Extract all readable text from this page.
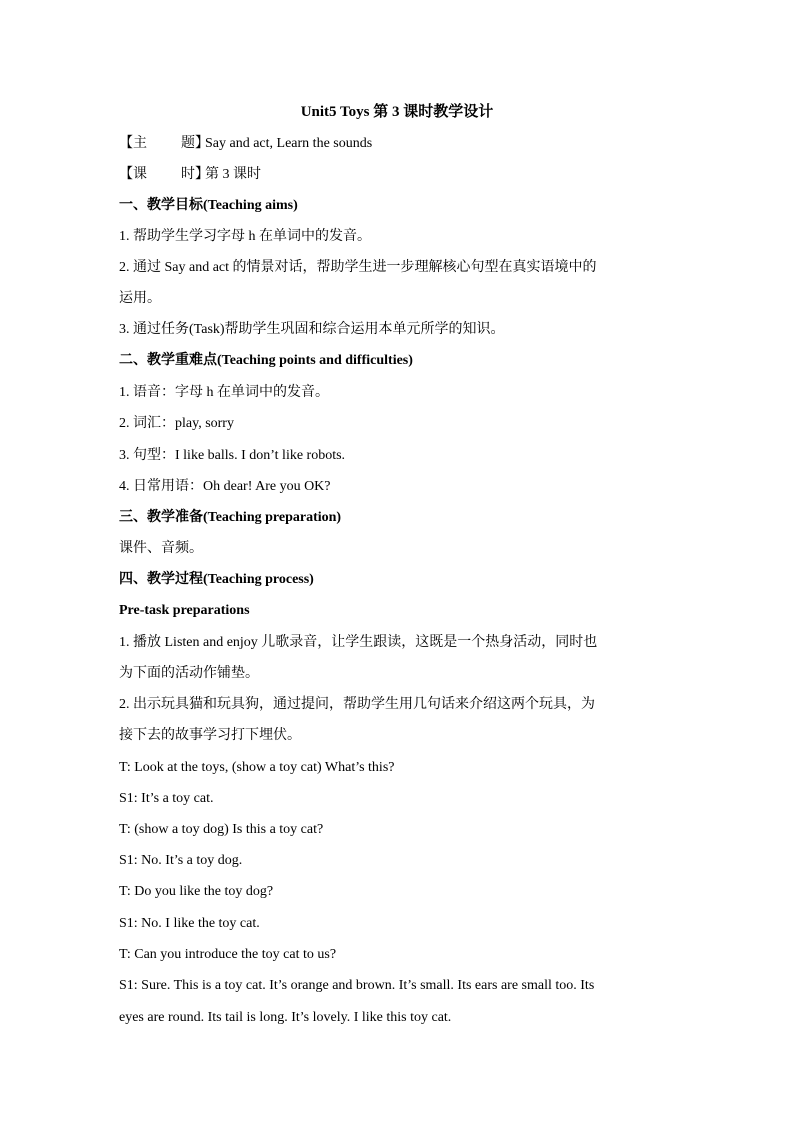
Unit5 Toys 第 3 课时教学设计
【主 题】Say and act, Learn the sounds
【课 时】第 3 课时
一、教学目标(Teaching aims)
1. 帮助学生学习字母 h 在单词中的发音。
2. 通过 Say and act 的情景对话，帮助学生进一步理解核心句型在真实语境中的
运用。
3. 通过任务(Task)帮助学生巩固和综合运用本单元所学的知识。
二、教学重难点(Teaching points and difficulties)
1. 语音：字母 h 在单词中的发音。
2. 词汇：play, sorry
3. 句型：I like balls. I don’t like robots.
4. 日常用语：Oh dear! Are you OK?
三、教学准备(Teaching preparation)
课件、音频。
四、教学过程(Teaching process)
Pre-task preparations
1. 播放 Listen and enjoy 儿歌录音，让学生跟读，这既是一个热身活动，同时也
为下面的活动作铺垫。
2. 出示玩具猫和玩具狗，通过提问，帮助学生用几句话来介绍这两个玩具，为
接下去的故事学习打下埋伏。
T: Look at the toys, (show a toy cat) What’s this?
S1: It’s a toy cat.
T: (show a toy dog) Is this a toy cat?
S1: No. It’s a toy dog.
T: Do you like the toy dog?
S1: No. I like the toy cat.
T: Can you introduce the toy cat to us?
S1: Sure. This is a toy cat. It’s orange and brown. It’s small. Its ears are small too. Its
eyes are round. Its tail is long. It’s lovely. I like this toy cat.
